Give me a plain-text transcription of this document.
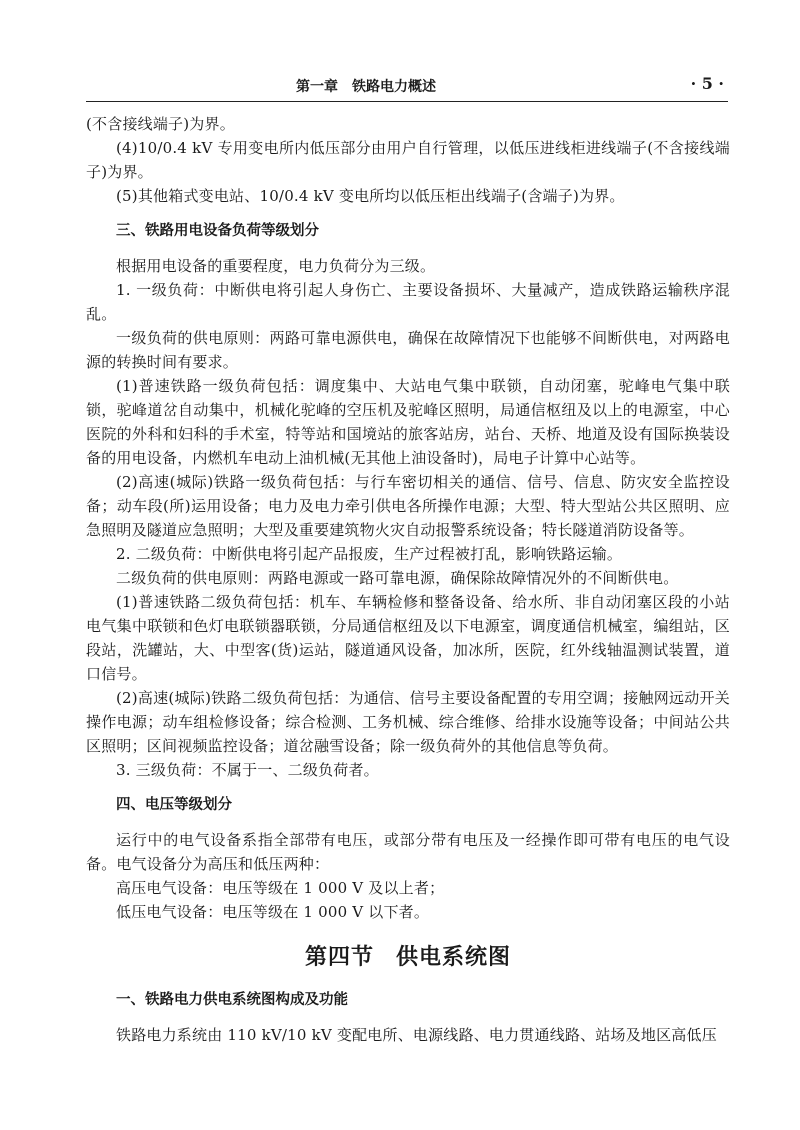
第一章　铁路电力概述	· 5 ·

(不含接线端子)为界。

(4)10/0.4 kV 专用变电所内低压部分由用户自行管理，以低压进线柜进线端子(不含接线端子)为界。

(5)其他箱式变电站、10/0.4 kV 变电所均以低压柜出线端子(含端子)为界。

三、铁路用电设备负荷等级划分

根据用电设备的重要程度，电力负荷分为三级。

1. 一级负荷：中断供电将引起人身伤亡、主要设备损坏、大量减产，造成铁路运输秩序混乱。

一级负荷的供电原则：两路可靠电源供电，确保在故障情况下也能够不间断供电，对两路电源的转换时间有要求。

(1)普速铁路一级负荷包括：调度集中、大站电气集中联锁，自动闭塞，驼峰电气集中联锁，驼峰道岔自动集中，机械化驼峰的空压机及驼峰区照明，局通信枢纽及以上的电源室，中心医院的外科和妇科的手术室，特等站和国境站的旅客站房，站台、天桥、地道及设有国际换装设备的用电设备，内燃机车电动上油机械(无其他上油设备时)，局电子计算中心站等。

(2)高速(城际)铁路一级负荷包括：与行车密切相关的通信、信号、信息、防灾安全监控设备；动车段(所)运用设备；电力及电力牵引供电各所操作电源；大型、特大型站公共区照明、应急照明及隧道应急照明；大型及重要建筑物火灾自动报警系统设备；特长隧道消防设备等。

2. 二级负荷：中断供电将引起产品报废，生产过程被打乱，影响铁路运输。

二级负荷的供电原则：两路电源或一路可靠电源，确保除故障情况外的不间断供电。

(1)普速铁路二级负荷包括：机车、车辆检修和整备设备、给水所、非自动闭塞区段的小站电气集中联锁和色灯电联锁器联锁，分局通信枢纽及以下电源室，调度通信机械室，编组站，区段站，洗罐站，大、中型客(货)运站，隧道通风设备，加冰所，医院，红外线轴温测试装置，道口信号。

(2)高速(城际)铁路二级负荷包括：为通信、信号主要设备配置的专用空调；接触网远动开关操作电源；动车组检修设备；综合检测、工务机械、综合维修、给排水设施等设备；中间站公共区照明；区间视频监控设备；道岔融雪设备；除一级负荷外的其他信息等负荷。

3. 三级负荷：不属于一、二级负荷者。

四、电压等级划分

运行中的电气设备系指全部带有电压，或部分带有电压及一经操作即可带有电压的电气设备。电气设备分为高压和低压两种：

高压电气设备：电压等级在 1 000 V 及以上者；

低压电气设备：电压等级在 1 000 V 以下者。

第四节 供电系统图
一、铁路电力供电系统图构成及功能

铁路电力系统由 110 kV/10 kV 变配电所、电源线路、电力贯通线路、站场及地区高低压
